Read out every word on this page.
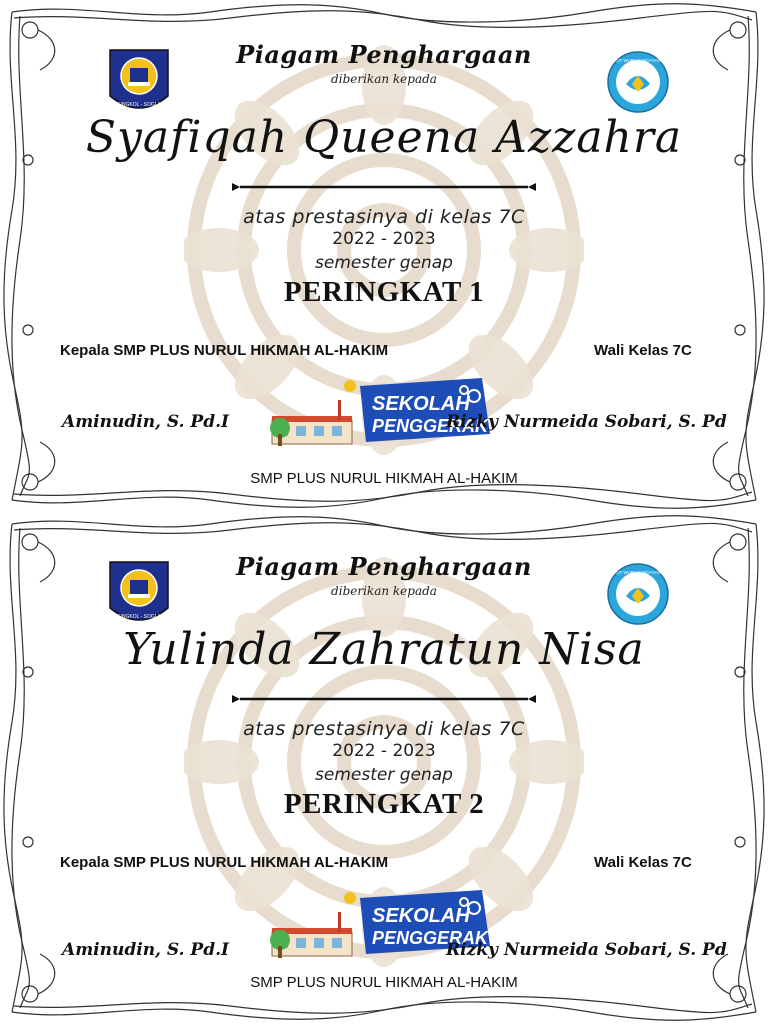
SINGKOL - SOGLA
TUT WURI HANDAYANI
Piagam Penghargaan
diberikan kepada
Syafiqah Queena Azzahra
atas prestasinya di kelas 7C
2022 - 2023
semester genap
PERINGKAT 1
Kepala SMP PLUS NURUL HIKMAH AL-HAKIM	Wali Kelas 7C
SEKOLAH
PENGGERAK
Aminudin, S. Pd.I	Rizky Nurmeida Sobari, S. Pd
SMP PLUS NURUL HIKMAH AL-HAKIM
SINGKOL - SOGLA
TUT WURI HANDAYANI
Piagam Penghargaan
diberikan kepada
Yulinda Zahratun Nisa
atas prestasinya di kelas 7C
2022 - 2023
semester genap
PERINGKAT 2
Kepala SMP PLUS NURUL HIKMAH AL-HAKIM	Wali Kelas 7C
SEKOLAH
PENGGERAK
Aminudin, S. Pd.I	Rizky Nurmeida Sobari, S. Pd
SMP PLUS NURUL HIKMAH AL-HAKIM
